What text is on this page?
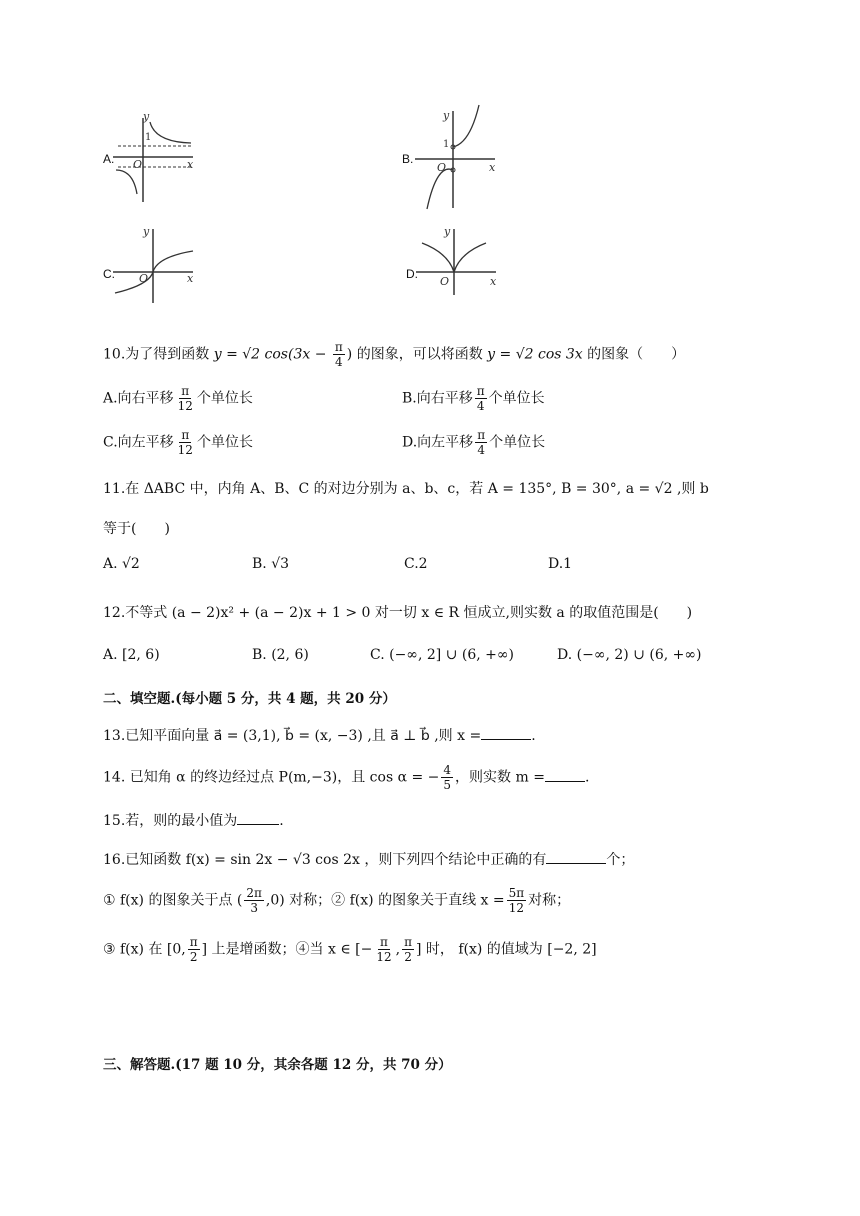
A.
y
x
O
1
B.
y
x
O
1
C.
y
x
O	D.
y
x
O
10.为了得到函数 y = √2 $\cos(3x - \frac{\pi}{4}$ ) 的图象，可以将函数 y = √2 cos 3x 的图象（　　）
A.向右平移 $\frac{\pi}{12}$ 个单位长	B.向右平移 $\frac{\pi}{4}$ 个单位长
C.向左平移 $\frac{\pi}{12}$ 个单位长	D.向左平移 $\frac{\pi}{4}$ 个单位长
11.在 ΔABC 中，内角 A、B、C 的对边分别为 a、b、c，若 A = 135°, B = 30°, a = √2 ,则 b
等于(　　)
A. √2	B. √3	C.2	D.1
12.不等式 (a − 2)x² + (a − 2)x + 1 > 0 对一切 x ∈ R 恒成立,则实数 a 的取值范围是(　　)
A. [2, 6)	B. (2, 6)	C. (−∞, 2] ∪ (6, +∞)	D. (−∞, 2) ∪ (6, +∞)
二、填空题.(每小题 5 分，共 4 题，共 20 分）
13.已知平面向量 a⃗ = (3,1), b⃗ = (x, −3) ,且 a⃗ ⊥ b⃗ ,则 x =	.
14. 已知角 α 的终边经过点 P(m,−3)，且 cos α = − $\frac{4}{5}$ ，则实数 m =	.
15.若，则的最小值为	.
16.已知函数 f(x) = sin 2x − √3 cos 2x ，则下列四个结论中正确的有	个；
① f(x) 的图象关于点 ( $\frac{2\pi}{3} ,0$) 对称；② f(x) 的图象关于直线 $x = \frac{5\pi}{12}$ 对称；
③ f(x) 在 [0, $\frac{\pi}{2}$ ] 上是增函数；④当 x ∈ [− $\frac{\pi}{12}$ , $\frac{\pi}{2}$ ] 时， f(x) 的值域为 [−2, 2]
三、解答题.(17 题 10 分，其余各题 12 分，共 70 分）
